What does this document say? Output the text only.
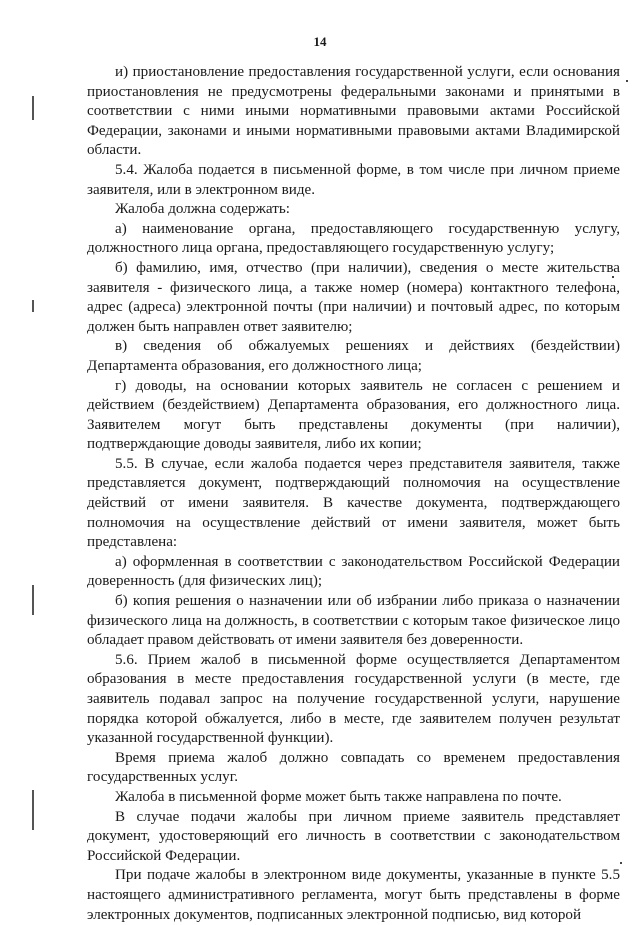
14

и) приостановление предоставления государственной услуги, если основания приостановления не предусмотрены федеральными законами и принятыми в соответствии с ними иными нормативными правовыми актами Российской Федерации, законами и иными нормативными правовыми актами Владимирской области.

5.4. Жалоба подается в письменной форме, в том числе при личном приеме заявителя, или в электронном виде.

Жалоба должна содержать:

а) наименование органа, предоставляющего государственную услугу, должностного лица органа, предоставляющего государственную услугу;

б) фамилию, имя, отчество (при наличии), сведения о месте жительства заявителя - физического лица, а также номер (номера) контактного телефона, адрес (адреса) электронной почты (при наличии) и почтовый адрес, по которым должен быть направлен ответ заявителю;

в) сведения об обжалуемых решениях и действиях (бездействии) Департамента образования, его должностного лица;

г) доводы, на основании которых заявитель не согласен с решением и действием (бездействием) Департамента образования, его должностного лица. Заявителем могут быть представлены документы (при наличии), подтверждающие доводы заявителя, либо их копии;

5.5. В случае, если жалоба подается через представителя заявителя, также представляется документ, подтверждающий полномочия на осуществление действий от имени заявителя. В качестве документа, подтверждающего полномочия на осуществление действий от имени заявителя, может быть представлена:

а) оформленная в соответствии с законодательством Российской Федерации доверенность (для физических лиц);

б) копия решения о назначении или об избрании либо приказа о назначении физического лица на должность, в соответствии с которым такое физическое лицо обладает правом действовать от имени заявителя без доверенности.

5.6. Прием жалоб в письменной форме осуществляется Департаментом образования в месте предоставления государственной услуги (в месте, где заявитель подавал запрос на получение государственной услуги, нарушение порядка которой обжалуется, либо в месте, где заявителем получен результат указанной государственной функции).

Время приема жалоб должно совпадать со временем предоставления государственных услуг.

Жалоба в письменной форме может быть также направлена по почте.

В случае подачи жалобы при личном приеме заявитель представляет документ, удостоверяющий его личность в соответствии с законодательством Российской Федерации.

При подаче жалобы в электронном виде документы, указанные в пункте 5.5 настоящего административного регламента, могут быть представлены в форме электронных документов, подписанных электронной подписью, вид которой
